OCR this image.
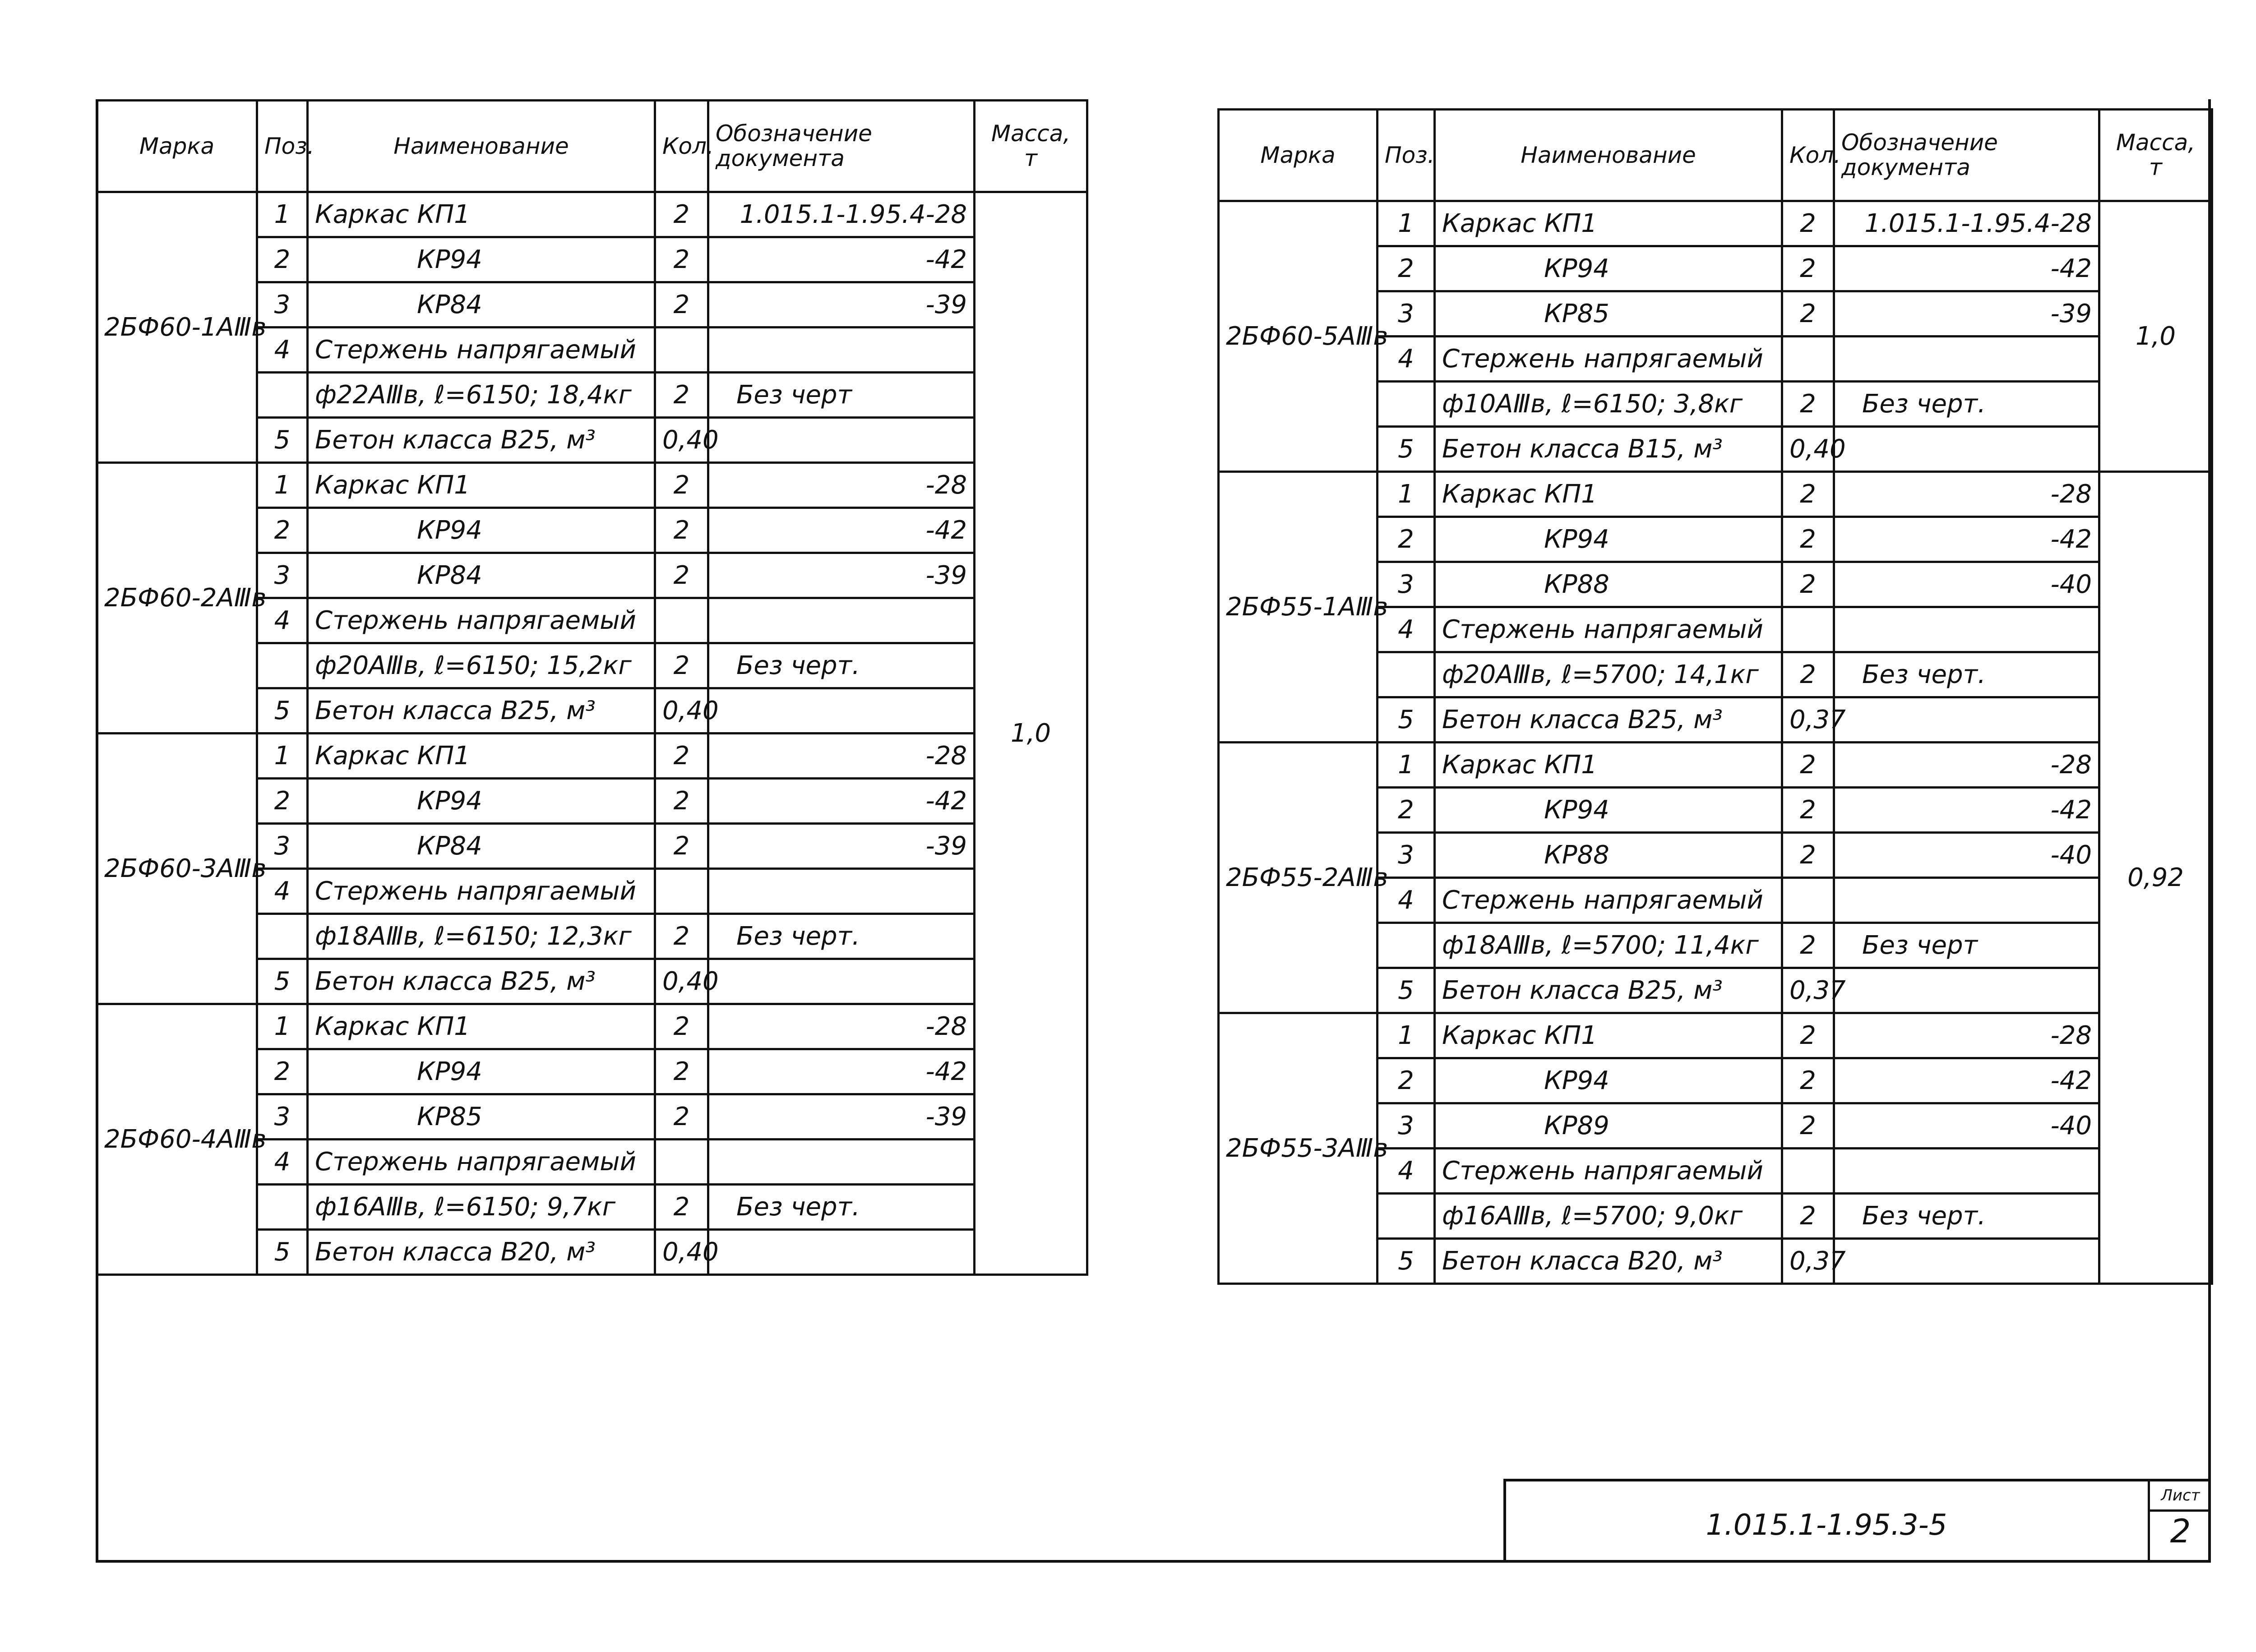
Марка	Поз.	Наименование	Кол.	Обозначение документа	Масса, т
2БФ60-1АⅢв	1	Каркас КП1	2	1.015.1-1.95.4-28	1,0
	2	КР94	2	-42	
	3	КР84	2	-39	
	4	Стержень напрягаемый			
		ф22АⅢв, ℓ=6150; 18,4кг	2	Без черт	
	5	Бетон класса В25, м³	0,40		
2БФ60-2АⅢв	1	Каркас КП1	2	-28	
	2	КР94	2	-42	
	3	КР84	2	-39	
	4	Стержень напрягаемый			
		ф20АⅢв, ℓ=6150; 15,2кг	2	Без черт.	
	5	Бетон класса В25, м³	0,40		
2БФ60-3АⅢв	1	Каркас КП1	2	-28	
	2	КР94	2	-42	
	3	КР84	2	-39	
	4	Стержень напрягаемый			
		ф18АⅢв, ℓ=6150; 12,3кг	2	Без черт.	
	5	Бетон класса В25, м³	0,40		
2БФ60-4АⅢв	1	Каркас КП1	2	-28	
	2	КР94	2	-42	
	3	КР85	2	-39	
	4	Стержень напрягаемый			
		ф16АⅢв, ℓ=6150; 9,7кг	2	Без черт.	
	5	Бетон класса В20, м³	0,40		
Марка	Поз.	Наименование	Кол.	Обозначение документа	Масса, т
2БФ60-5АⅢв	1	Каркас КП1	2	1.015.1-1.95.4-28	1,0
	2	КР94	2	-42	
	3	КР85	2	-39	
	4	Стержень напрягаемый			
		ф10АⅢв, ℓ=6150; 3,8кг	2	Без черт.	
	5	Бетон класса В15, м³	0,40		
2БФ55-1АⅢв	1	Каркас КП1	2	-28	0,92
	2	КР94	2	-42	
	3	КР88	2	-40	
	4	Стержень напрягаемый			
		ф20АⅢв, ℓ=5700; 14,1кг	2	Без черт.	
	5	Бетон класса В25, м³	0,37		
2БФ55-2АⅢв	1	Каркас КП1	2	-28	
	2	КР94	2	-42	
	3	КР88	2	-40	
	4	Стержень напрягаемый			
		ф18АⅢв, ℓ=5700; 11,4кг	2	Без черт	
	5	Бетон класса В25, м³	0,37		
2БФ55-3АⅢв	1	Каркас КП1	2	-28	
	2	КР94	2	-42	
	3	КР89	2	-40	
	4	Стержень напрягаемый			
		ф16АⅢв, ℓ=5700; 9,0кг	2	Без черт.	
	5	Бетон класса В20, м³	0,37		
1.015.1-1.95.3-5
Лист
2
